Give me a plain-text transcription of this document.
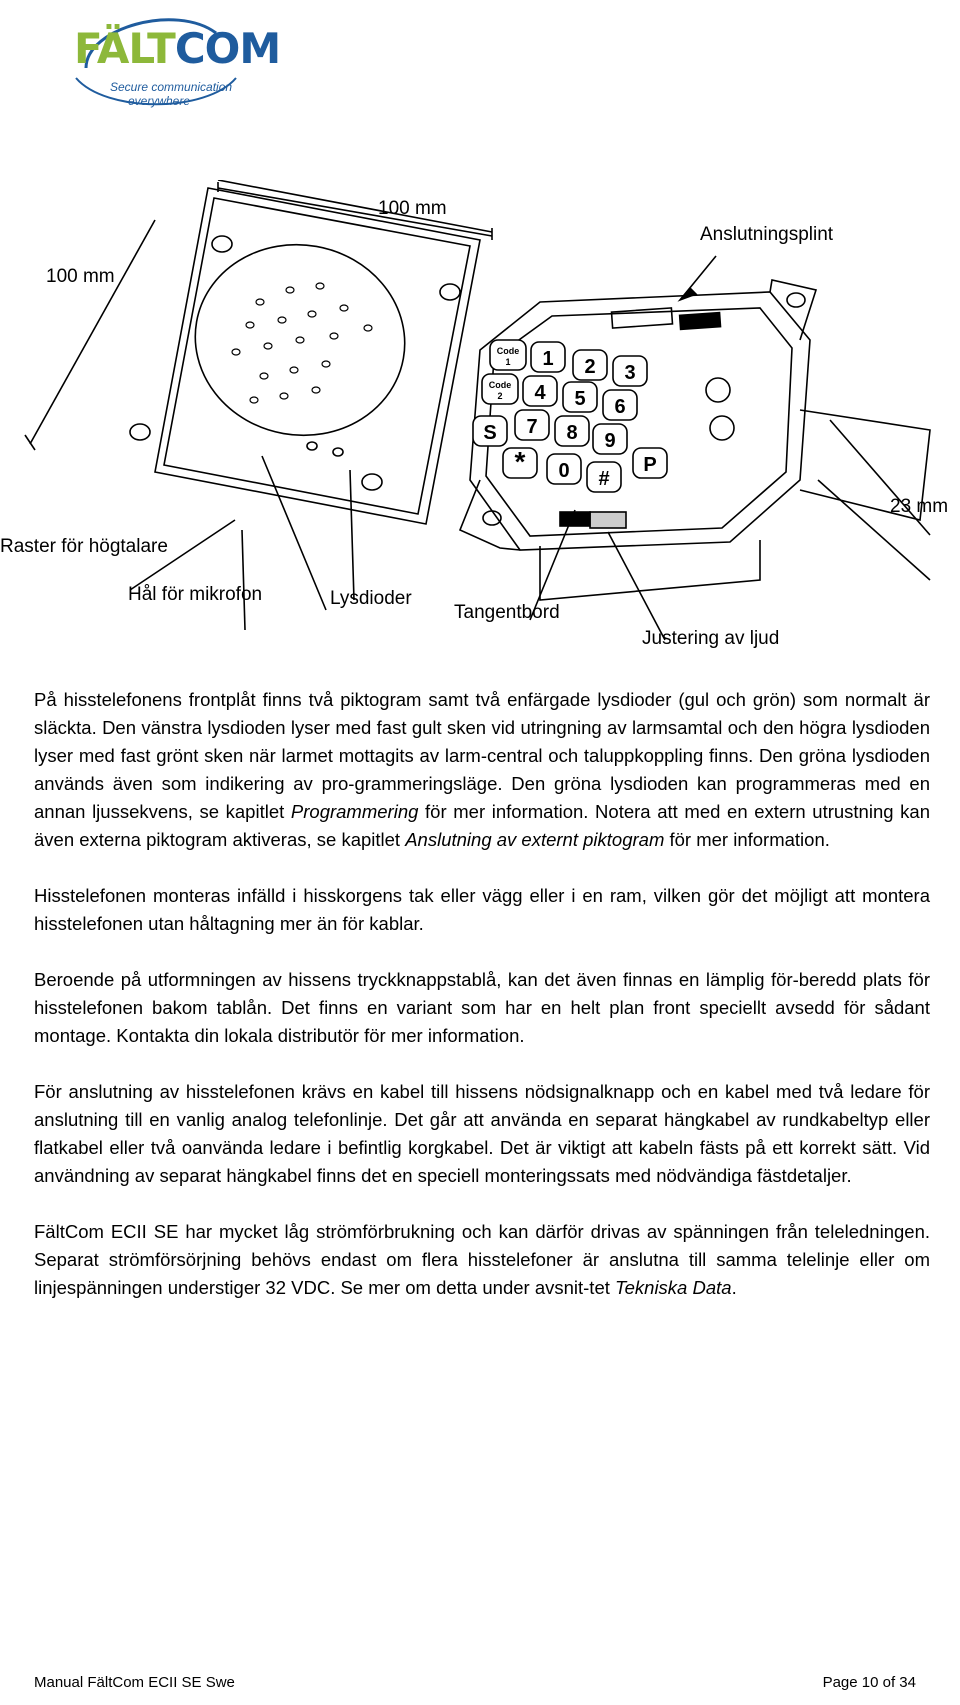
FÄLTCOM
Secure communication
everywhere
1 2 3
4 5 6
7 8 9
S
0 #
P
*
Code
1
Code
2
100 mm
100 mm
Anslutningsplint
23 mm
Raster för högtalare
Hål för mikrofon	Lysdioder
Tangentbord
Justering av ljud

På hisstelefonens frontplåt finns två piktogram samt två enfärgade lysdioder (gul och grön) som normalt är släckta. Den vänstra lysdioden lyser med fast gult sken vid utringning av larmsamtal och den högra lysdioden lyser med fast grönt sken när larmet mottagits av larm-central och taluppkoppling finns. Den gröna lysdioden används även som indikering av pro-grammeringsläge. Den gröna lysdioden kan programmeras med en annan ljussekvens, se kapitlet Programmering för mer information. Notera att med en extern utrustning kan även externa piktogram aktiveras, se kapitlet Anslutning av externt piktogram för mer information.

Hisstelefonen monteras infälld i hisskorgens tak eller vägg eller i en ram, vilken gör det möjligt att montera hisstelefonen utan håltagning mer än för kablar.

Beroende på utformningen av hissens tryckknappstablå, kan det även finnas en lämplig för-beredd plats för hisstelefonen bakom tablån. Det finns en variant som har en helt plan front speciellt avsedd för sådant montage. Kontakta din lokala distributör för mer information.

För anslutning av hisstelefonen krävs en kabel till hissens nödsignalknapp och en kabel med två ledare för anslutning till en vanlig analog telefonlinje. Det går att använda en separat hängkabel av rundkabeltyp eller flatkabel eller två oanvända ledare i befintlig korgkabel. Det är viktigt att kabeln fästs på ett korrekt sätt. Vid användning av separat hängkabel finns det en speciell monteringssats med nödvändiga fästdetaljer.

FältCom ECII SE har mycket låg strömförbrukning och kan därför drivas av spänningen från teleledningen. Separat strömförsörjning behövs endast om flera hisstelefoner är anslutna till samma telelinje eller om linjespänningen understiger 32 VDC. Se mer om detta under avsnit-tet Tekniska Data.

Manual FältCom ECII SE Swe	Page 10 of 34
